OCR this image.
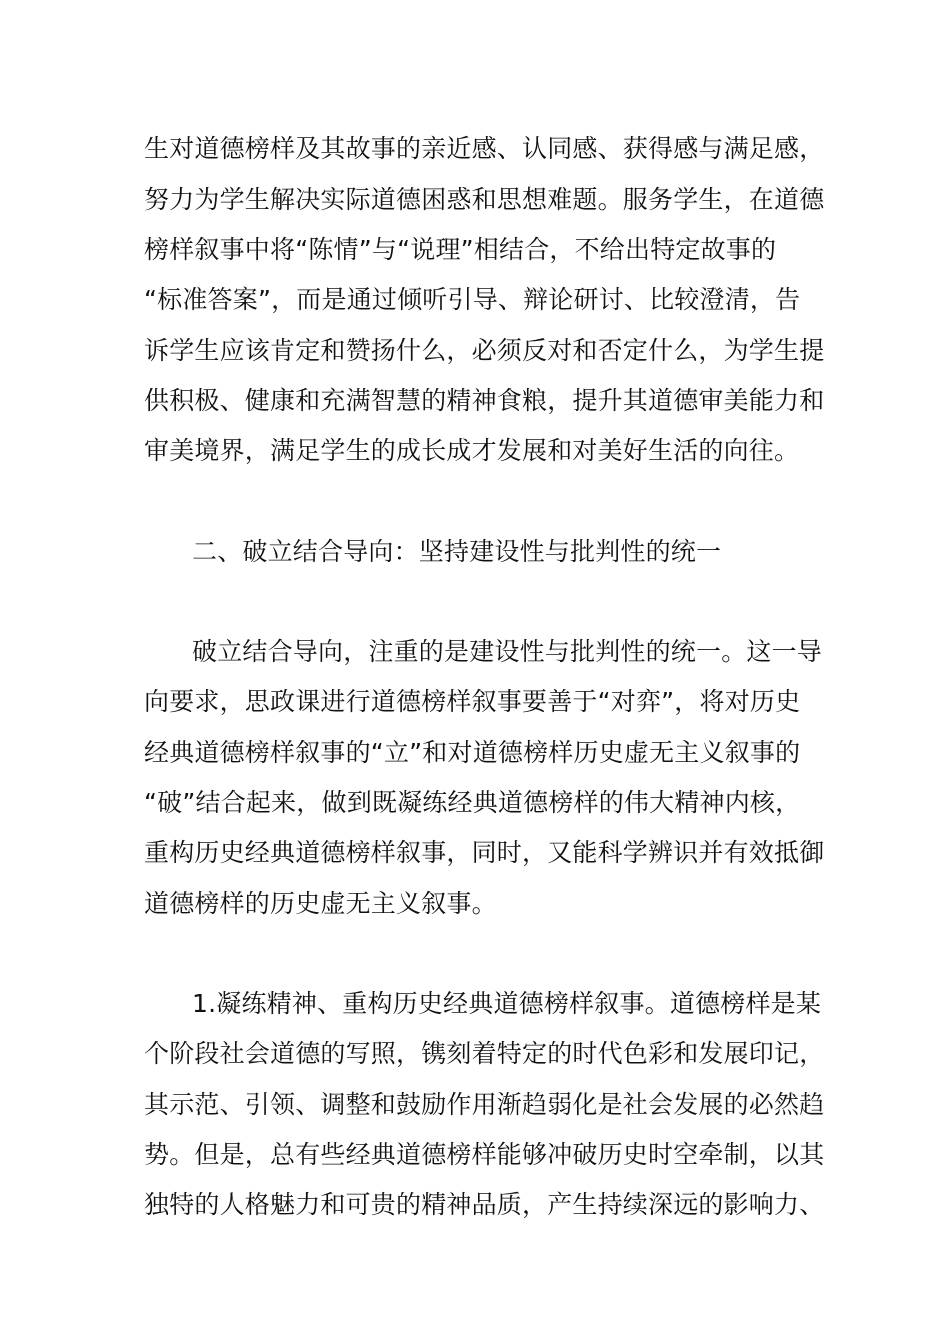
生对道德榜样及其故事的亲近感、认同感、获得感与满足感，
努力为学生解决实际道德困惑和思想难题。服务学生，在道德
榜样叙事中将“陈情”与“说理”相结合，不给出特定故事的
“标准答案”，而是通过倾听引导、辩论研讨、比较澄清，告
诉学生应该肯定和赞扬什么，必须反对和否定什么，为学生提
供积极、健康和充满智慧的精神食粮，提升其道德审美能力和
审美境界，满足学生的成长成才发展和对美好生活的向往。
二、破立结合导向：坚持建设性与批判性的统一
破立结合导向，注重的是建设性与批判性的统一。这一导
向要求，思政课进行道德榜样叙事要善于“对弈”，将对历史
经典道德榜样叙事的“立”和对道德榜样历史虚无主义叙事的
“破”结合起来，做到既凝练经典道德榜样的伟大精神内核，
重构历史经典道德榜样叙事，同时，又能科学辨识并有效抵御
道德榜样的历史虚无主义叙事。
1.凝练精神、重构历史经典道德榜样叙事。道德榜样是某
个阶段社会道德的写照，镌刻着特定的时代色彩和发展印记，
其示范、引领、调整和鼓励作用渐趋弱化是社会发展的必然趋
势。但是，总有些经典道德榜样能够冲破历史时空牵制，以其
独特的人格魅力和可贵的精神品质，产生持续深远的影响力、
